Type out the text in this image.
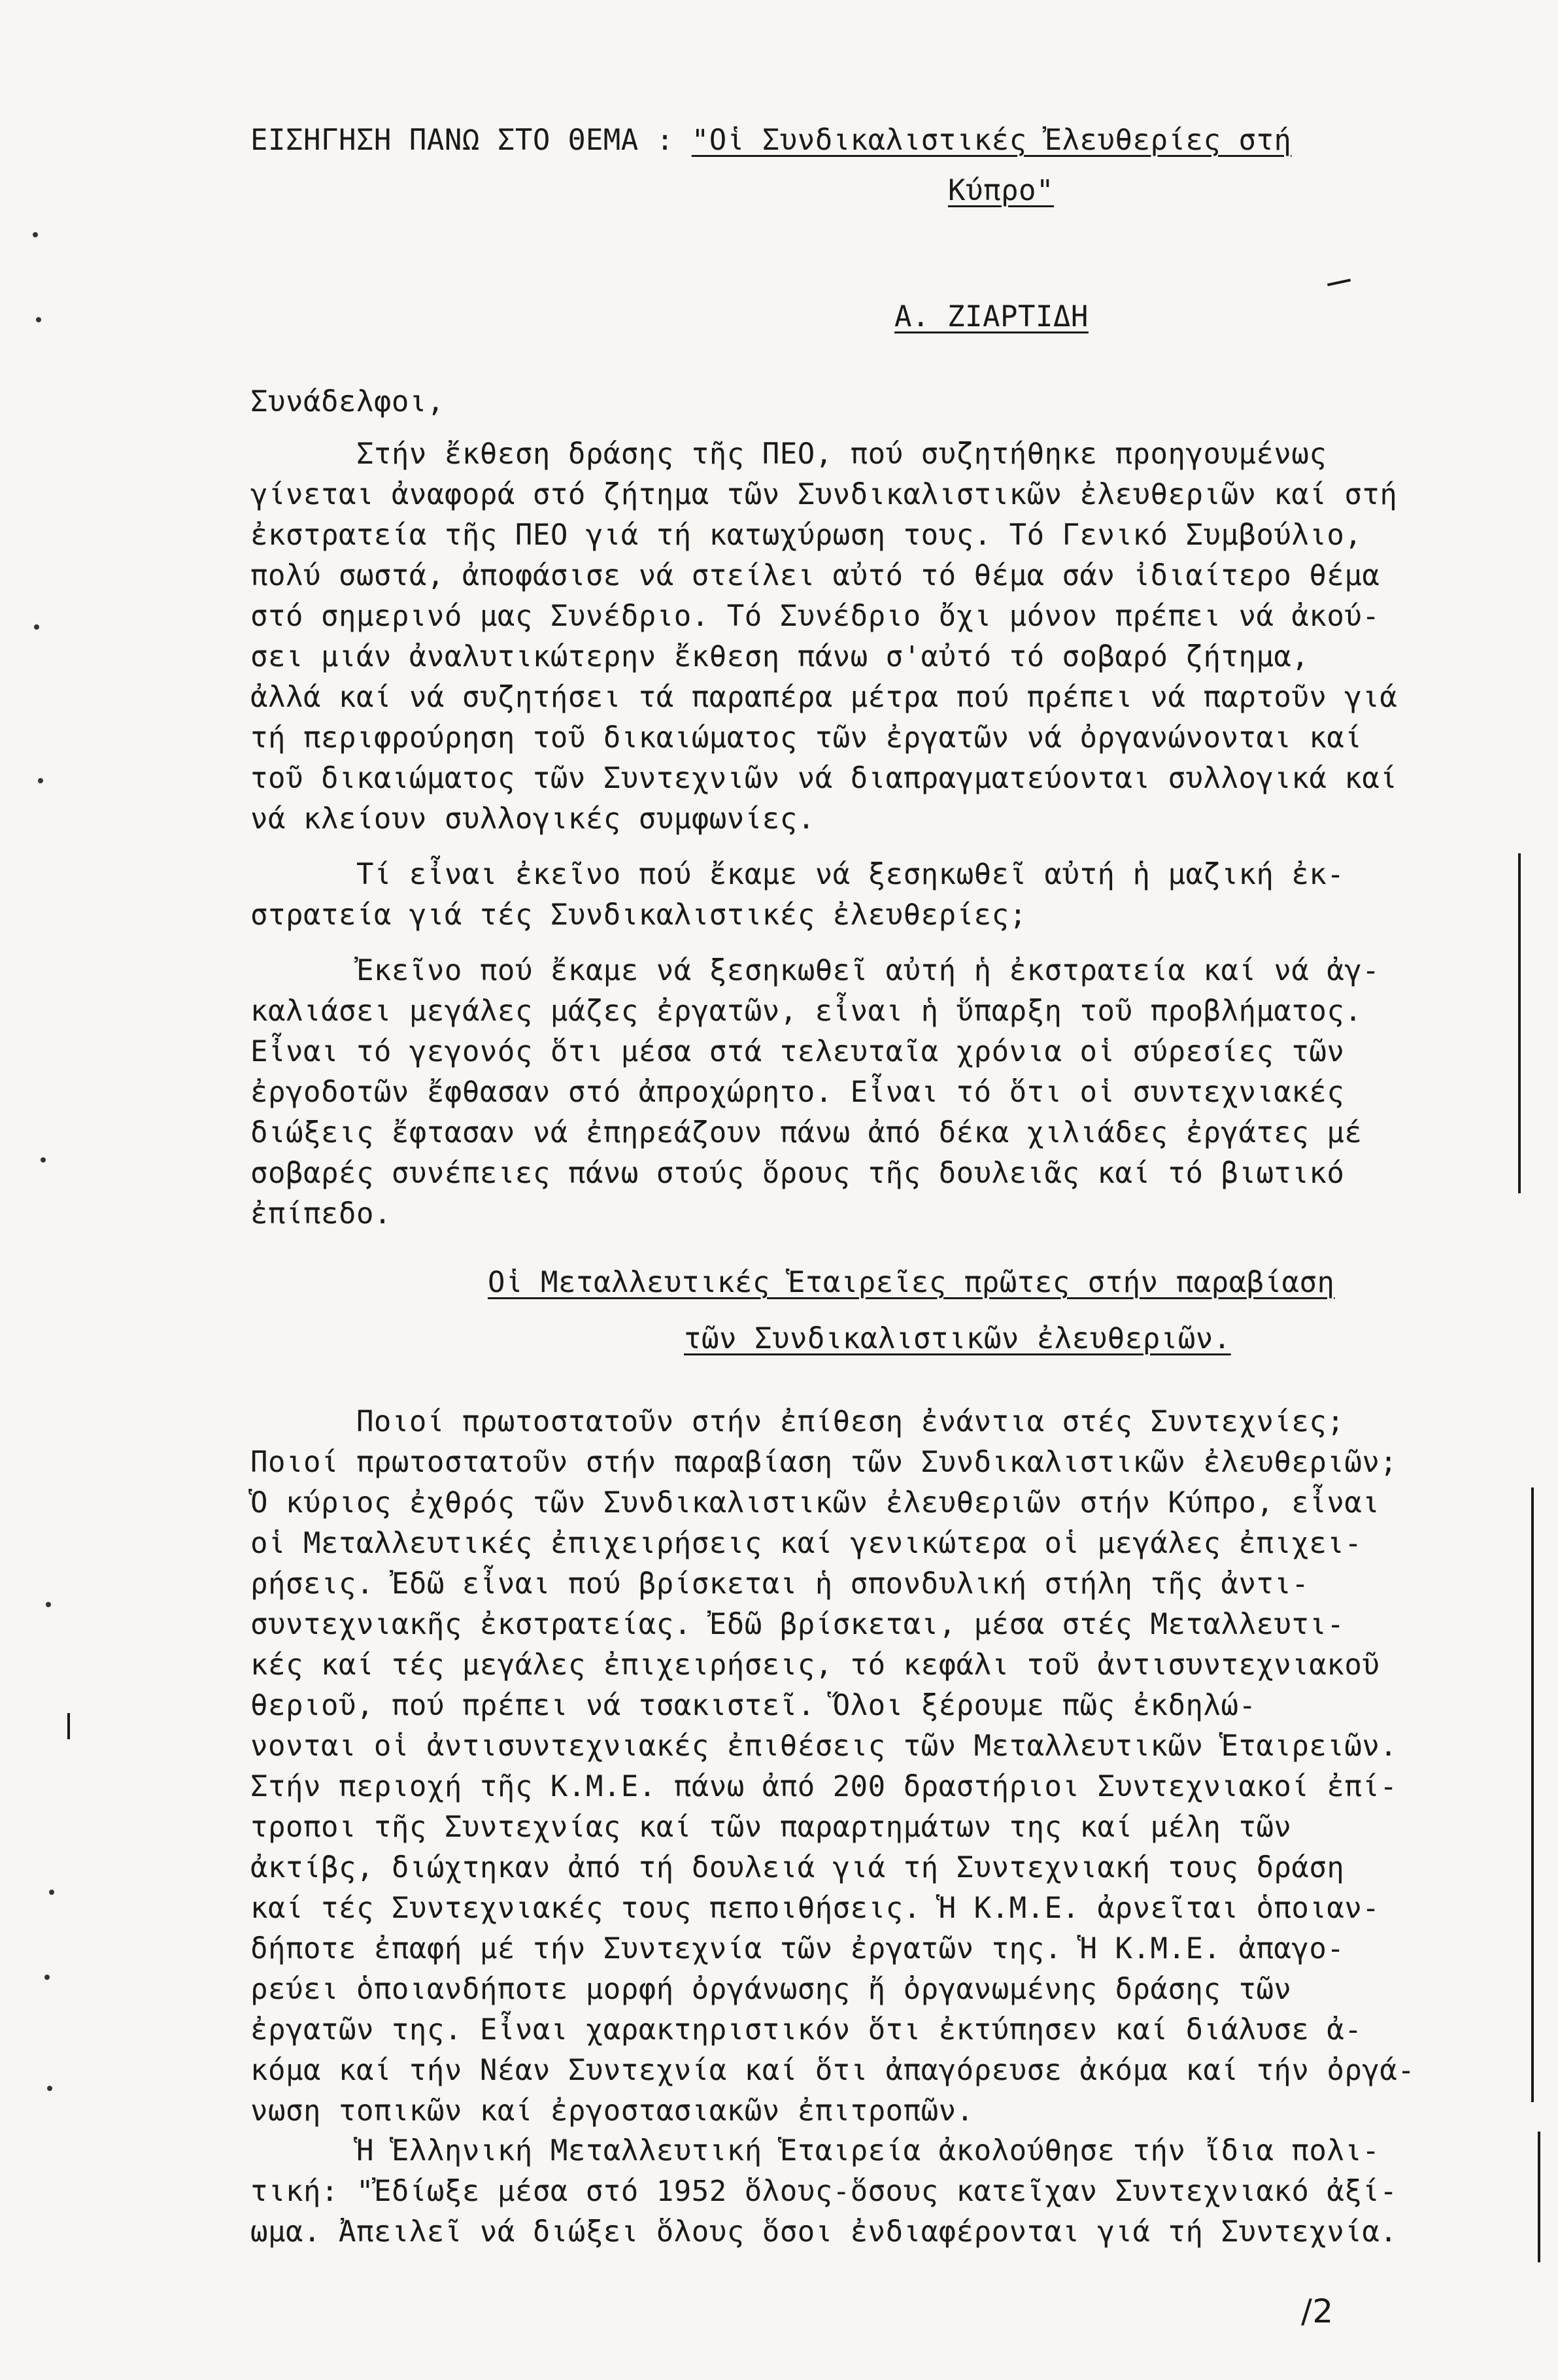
ΕΙΣΗΓΗΣΗ ΠΑΝΩ ΣΤΟ ΘΕΜΑ : "Οἱ Συνδικαλιστικές Ἐλευθερίες στή
Κύπρο"
Α. ΖΙΑΡΤΙΔΗ
Συνάδελφοι,
Στήν ἔκθεση δράσης τῆς ΠΕΟ, πού συζητήθηκε προηγουμένως
γίνεται ἀναφορά στό ζήτημα τῶν Συνδικαλιστικῶν ἐλευθεριῶν καί στή
ἐκστρατεία τῆς ΠΕΟ γιά τή κατωχύρωση τους. Τό Γενικό Συμβούλιο,
πολύ σωστά, ἀποφάσισε νά στείλει αὐτό τό θέμα σάν ἰδιαίτερο θέμα
στό σημερινό μας Συνέδριο. Τό Συνέδριο ὄχι μόνον πρέπει νά ἀκού-
σει μιάν ἀναλυτικώτερην ἔκθεση πάνω σ'αὐτό τό σοβαρό ζήτημα,
ἀλλά καί νά συζητήσει τά παραπέρα μέτρα πού πρέπει νά παρτοῦν γιά
τή περιφρούρηση τοῦ δικαιώματος τῶν ἐργατῶν νά ὀργανώνονται καί
τοῦ δικαιώματος τῶν Συντεχνιῶν νά διαπραγματεύονται συλλογικά καί
νά κλείουν συλλογικές συμφωνίες.
Τί εἶναι ἐκεῖνο πού ἔκαμε νά ξεσηκωθεῖ αὐτή ἡ μαζική ἐκ-
στρατεία γιά τές Συνδικαλιστικές ἐλευθερίες;
Ἐκεῖνο πού ἔκαμε νά ξεσηκωθεῖ αὐτή ἡ ἐκστρατεία καί νά ἀγ-
καλιάσει μεγάλες μάζες ἐργατῶν, εἶναι ἡ ὕπαρξη τοῦ προβλήματος.
Εἶναι τό γεγονός ὅτι μέσα στά τελευταῖα χρόνια οἱ σύρεσίες τῶν
ἐργοδοτῶν ἔφθασαν στό ἀπροχώρητο. Εἶναι τό ὅτι οἱ συντεχνιακές
διώξεις ἔφτασαν νά ἐπηρεάζουν πάνω ἀπό δέκα χιλιάδες ἐργάτες μέ
σοβαρές συνέπειες πάνω στούς ὅρους τῆς δουλειᾶς καί τό βιωτικό
ἐπίπεδο.
Οἱ Μεταλλευτικές Ἑταιρεῖες πρῶτες στήν παραβίαση
τῶν Συνδικαλιστικῶν ἐλευθεριῶν.
Ποιοί πρωτοστατοῦν στήν ἐπίθεση ἐνάντια στές Συντεχνίες;
Ποιοί πρωτοστατοῦν στήν παραβίαση τῶν Συνδικαλιστικῶν ἐλευθεριῶν;
Ὁ κύριος ἐχθρός τῶν Συνδικαλιστικῶν ἐλευθεριῶν στήν Κύπρο, εἶναι
οἱ Μεταλλευτικές ἐπιχειρήσεις καί γενικώτερα οἱ μεγάλες ἐπιχει-
ρήσεις. Ἐδῶ εἶναι πού βρίσκεται ἡ σπονδυλική στήλη τῆς ἀντι-
συντεχνιακῆς ἐκστρατείας. Ἐδῶ βρίσκεται, μέσα στές Μεταλλευτι-
κές καί τές μεγάλες ἐπιχειρήσεις, τό κεφάλι τοῦ ἀντισυντεχνιακοῦ
θεριοῦ, πού πρέπει νά τσακιστεῖ. Ὅλοι ξέρουμε πῶς ἐκδηλώ-
νονται οἱ ἀντισυντεχνιακές ἐπιθέσεις τῶν Μεταλλευτικῶν Ἑταιρειῶν.
Στήν περιοχή τῆς Κ.Μ.Ε. πάνω ἀπό 200 δραστήριοι Συντεχνιακοί ἐπί-
τροποι τῆς Συντεχνίας καί τῶν παραρτημάτων της καί μέλη τῶν
ἀκτίβς, διώχτηκαν ἀπό τή δουλειά γιά τή Συντεχνιακή τους δράση
καί τές Συντεχνιακές τους πεποιθήσεις. Ἡ Κ.Μ.Ε. ἀρνεῖται ὁποιαν-
δήποτε ἐπαφή μέ τήν Συντεχνία τῶν ἐργατῶν της. Ἡ Κ.Μ.Ε. ἀπαγο-
ρεύει ὁποιανδήποτε μορφή ὀργάνωσης ἤ ὀργανωμένης δράσης τῶν
ἐργατῶν της. Εἶναι χαρακτηριστικόν ὅτι ἐκτύπησεν καί διάλυσε ἀ-
κόμα καί τήν Νέαν Συντεχνία καί ὅτι ἀπαγόρευσε ἀκόμα καί τήν ὀργά-
νωση τοπικῶν καί ἐργοστασιακῶν ἐπιτροπῶν.
Ἡ Ἑλληνική Μεταλλευτική Ἑταιρεία ἀκολούθησε τήν ἴδια πολι-
τική: "Ἐδίωξε μέσα στό 1952 ὅλους-ὅσους κατεῖχαν Συντεχνιακό ἀξί-
ωμα. Ἀπειλεῖ νά διώξει ὅλους ὅσοι ἐνδιαφέρονται γιά τή Συντεχνία.
/2
